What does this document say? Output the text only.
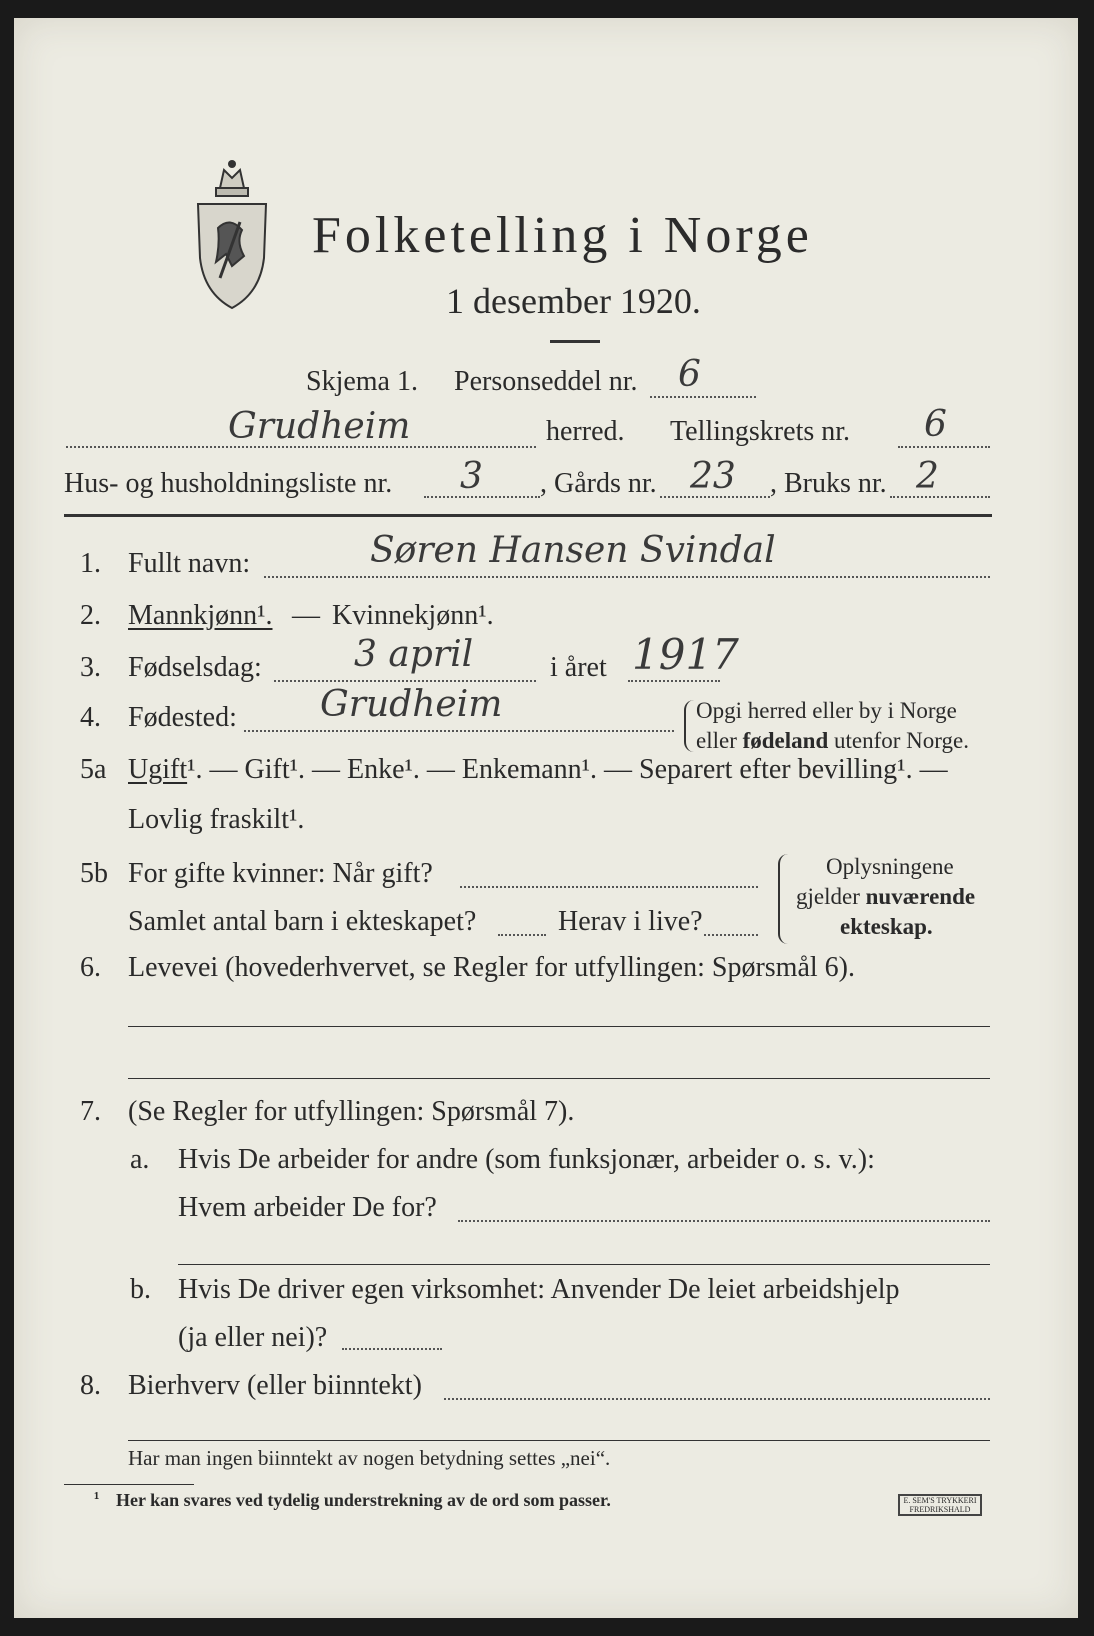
Folketelling i Norge
1 desember 1920.
Skjema 1. Personseddel nr. 6
Grudheim	herred. Tellingskrets nr. 6
Hus- og husholdningsliste nr. 3 , Gårds nr. 23 , Bruks nr. 2
1. Fullt navn:	Søren Hansen Svindal
2. Mannkjønn¹. — Kvinnekjønn¹.
3. Fødselsdag:	3 april	i året 1917
4. Fødested: Grudheim	Opgi herred eller by i Norge
eller fødeland utenfor Norge.
5a Ugift¹. — Gift¹. — Enke¹. — Enkemann¹. — Separert efter bevilling¹. —
Lovlig fraskilt¹.
5b For gifte kvinner: Når gift?
Samlet antal barn i ekteskapet?	Herav i live?
Oplysningene
gjelder nuværende
ekteskap.
6. Levevei (hovederhvervet, se Regler for utfyllingen: Spørsmål 6).
7. (Se Regler for utfyllingen: Spørsmål 7).
a. Hvis De arbeider for andre (som funksjonær, arbeider o. s. v.):
Hvem arbeider De for?
b. Hvis De driver egen virksomhet: Anvender De leiet arbeidshjelp
(ja eller nei)?
8. Bierhverv (eller biinntekt)
Har man ingen biinntekt av nogen betydning settes „nei“.
¹ Her kan svares ved tydelig understrekning av de ord som passer.	E. SEM'S TRYKKERI FREDRIKSHALD
